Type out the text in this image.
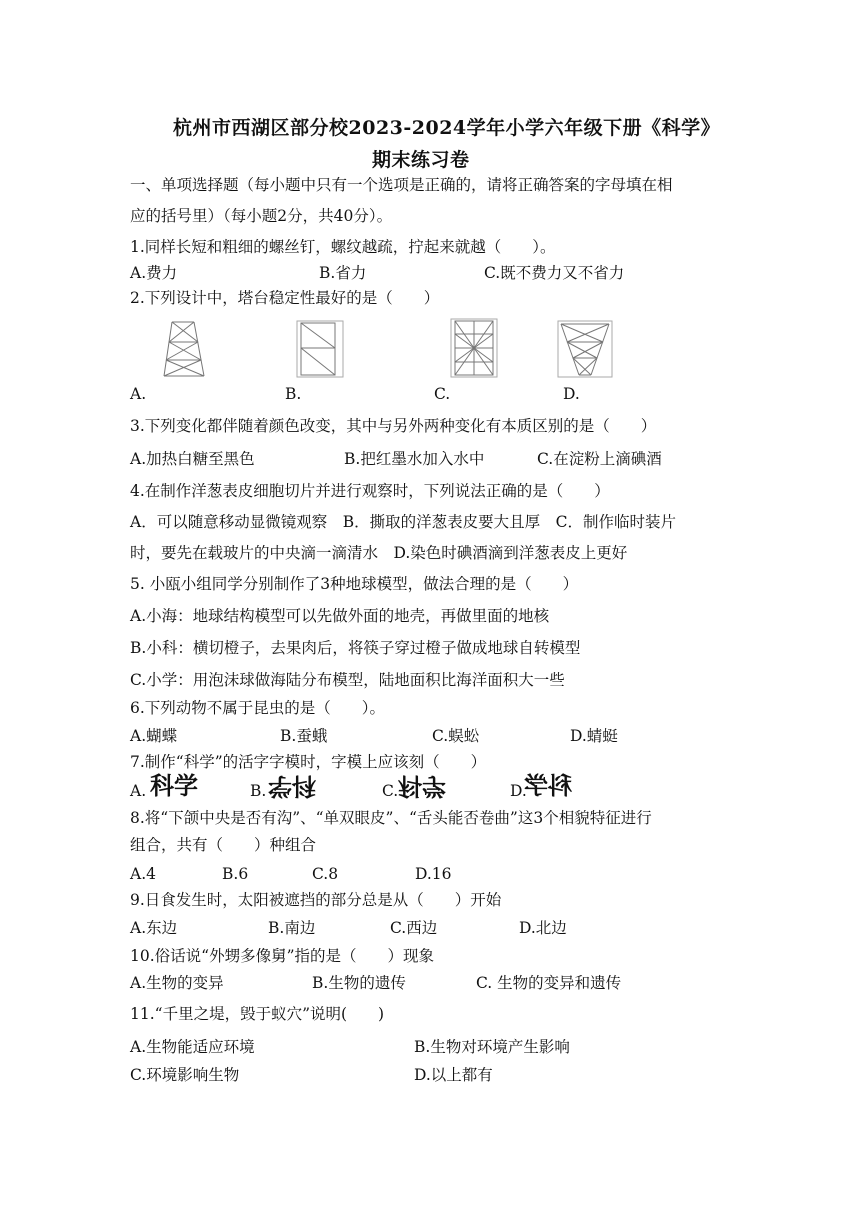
杭州市西湖区部分校2023-2024学年小学六年级下册《科学》
期末练习卷
一、单项选择题（每小题中只有一个选项是正确的，请将正确答案的字母填在相
应的括号里）（每小题2分，共40分）。
1.同样长短和粗细的螺丝钉，螺纹越疏，拧起来就越（　　）。
A.费力	B.省力	C.既不费力又不省力
2.下列设计中，塔台稳定性最好的是（　　）
A.	B.	C.	D.
3.下列变化都伴随着颜色改变，其中与另外两种变化有本质区别的是（　　）
A.加热白糖至黑色	B.把红墨水加入水中	C.在淀粉上滴碘酒
4.在制作洋葱表皮细胞切片并进行观察时，下列说法正确的是（　　）
A．可以随意移动显微镜观察　B．撕取的洋葱表皮要大且厚　C．制作临时装片
时，要先在载玻片的中央滴一滴清水　D.染色时碘酒滴到洋葱表皮上更好
5. 小瓯小组同学分别制作了3种地球模型，做法合理的是（　　）
A.小海：地球结构模型可以先做外面的地壳，再做里面的地核
B.小科：横切橙子，去果肉后，将筷子穿过橙子做成地球自转模型
C.小学：用泡沫球做海陆分布模型，陆地面积比海洋面积大一些
6.下列动物不属于昆虫的是（　　）。
A.蝴蝶	B.蚕蛾	C.蜈蚣	D.蜻蜓
7.制作“科学”的活字字模时，字模上应该刻（　　）
A. 科学	B. 科学	C. 科学	D.
科学
8.将“下颌中央是否有沟”、“单双眼皮”、“舌头能否卷曲”这3个相貌特征进行
组合，共有（　　）种组合
A.4	B.6	C.8	D.16
9.日食发生时，太阳被遮挡的部分总是从（　　）开始
A.东边	B.南边	C.西边	D.北边
10.俗话说“外甥多像舅”指的是（　　）现象
A.生物的变异	B.生物的遗传	C. 生物的变异和遗传
11.“千里之堤，毁于蚁穴”说明(　　)
A.生物能适应环境	B.生物对环境产生影响
C.环境影响生物	D.以上都有
